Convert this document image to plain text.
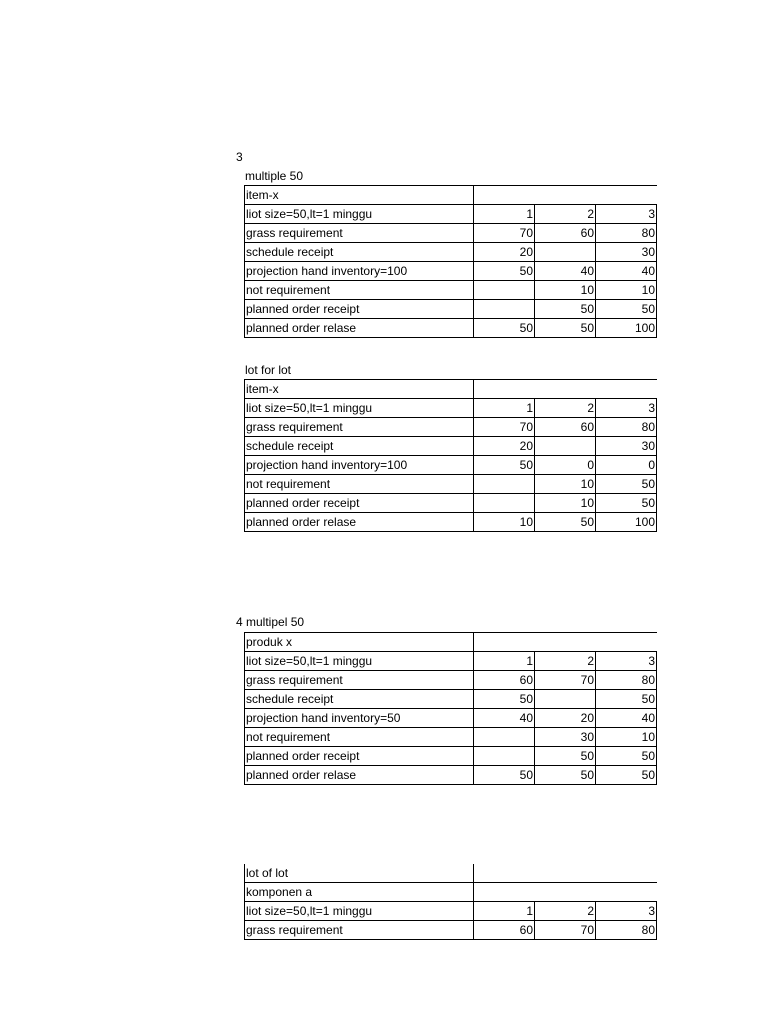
3
multiple 50
item-x			
liot size=50,lt=1 minggu	1	2	3
grass requirement	70	60	80
schedule receipt	20		30
projection hand inventory=100	50	40	40
not requirement		10	10
planned order receipt		50	50
planned order relase	50	50	100
lot for lot
item-x			
liot size=50,lt=1 minggu	1	2	3
grass requirement	70	60	80
schedule receipt	20		30
projection hand inventory=100	50	0	0
not requirement		10	50
planned order receipt		10	50
planned order relase	10	50	100
4 multipel 50
produk x			
liot size=50,lt=1 minggu	1	2	3
grass requirement	60	70	80
schedule receipt	50		50
projection hand inventory=50	40	20	40
not requirement		30	10
planned order receipt		50	50
planned order relase	50	50	50
lot of lot			
komponen a			
liot size=50,lt=1 minggu	1	2	3
grass requirement	60	70	80
